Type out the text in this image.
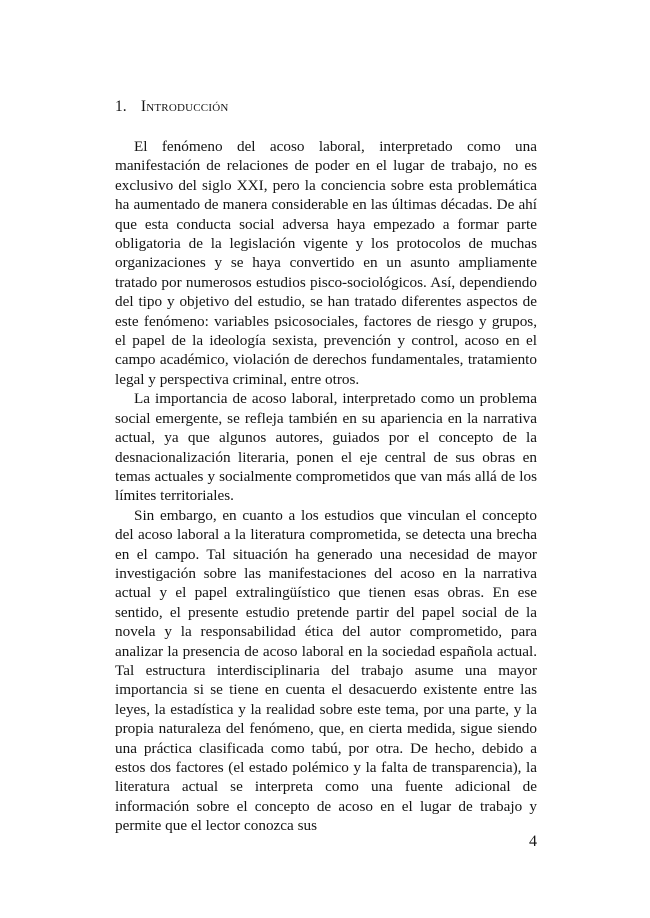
1. Introducción

El fenómeno del acoso laboral, interpretado como una manifestación de relaciones de poder en el lugar de trabajo, no es exclusivo del siglo XXI, pero la conciencia sobre esta problemática ha aumentado de manera considerable en las últimas décadas. De ahí que esta conducta social adversa haya empezado a formar parte obligatoria de la legislación vigente y los protocolos de muchas organizaciones y se haya convertido en un asunto ampliamente tratado por numerosos estudios pisco-sociológicos. Así, dependiendo del tipo y objetivo del estudio, se han tratado diferentes aspectos de este fenómeno: variables psicosociales, factores de riesgo y grupos, el papel de la ideología sexista, prevención y control, acoso en el campo académico, violación de derechos fundamentales, tratamiento legal y perspectiva criminal, entre otros.

La importancia de acoso laboral, interpretado como un problema social emergente, se refleja también en su apariencia en la narrativa actual, ya que algunos autores, guiados por el concepto de la desnacionalización literaria, ponen el eje central de sus obras en temas actuales y socialmente comprometidos que van más allá de los límites territoriales.

Sin embargo, en cuanto a los estudios que vinculan el concepto del acoso laboral a la literatura comprometida, se detecta una brecha en el campo. Tal situación ha generado una necesidad de mayor investigación sobre las manifestaciones del acoso en la narrativa actual y el papel extralingüístico que tienen esas obras. En ese sentido, el presente estudio pretende partir del papel social de la novela y la responsabilidad ética del autor comprometido, para analizar la presencia de acoso laboral en la sociedad española actual. Tal estructura interdisciplinaria del trabajo asume una mayor importancia si se tiene en cuenta el desacuerdo existente entre las leyes, la estadística y la realidad sobre este tema, por una parte, y la propia naturaleza del fenómeno, que, en cierta medida, sigue siendo una práctica clasificada como tabú, por otra. De hecho, debido a estos dos factores (el estado polémico y la falta de transparencia), la literatura actual se interpreta como una fuente adicional de información sobre el concepto de acoso en el lugar de trabajo y permite que el lector conozca sus

4
